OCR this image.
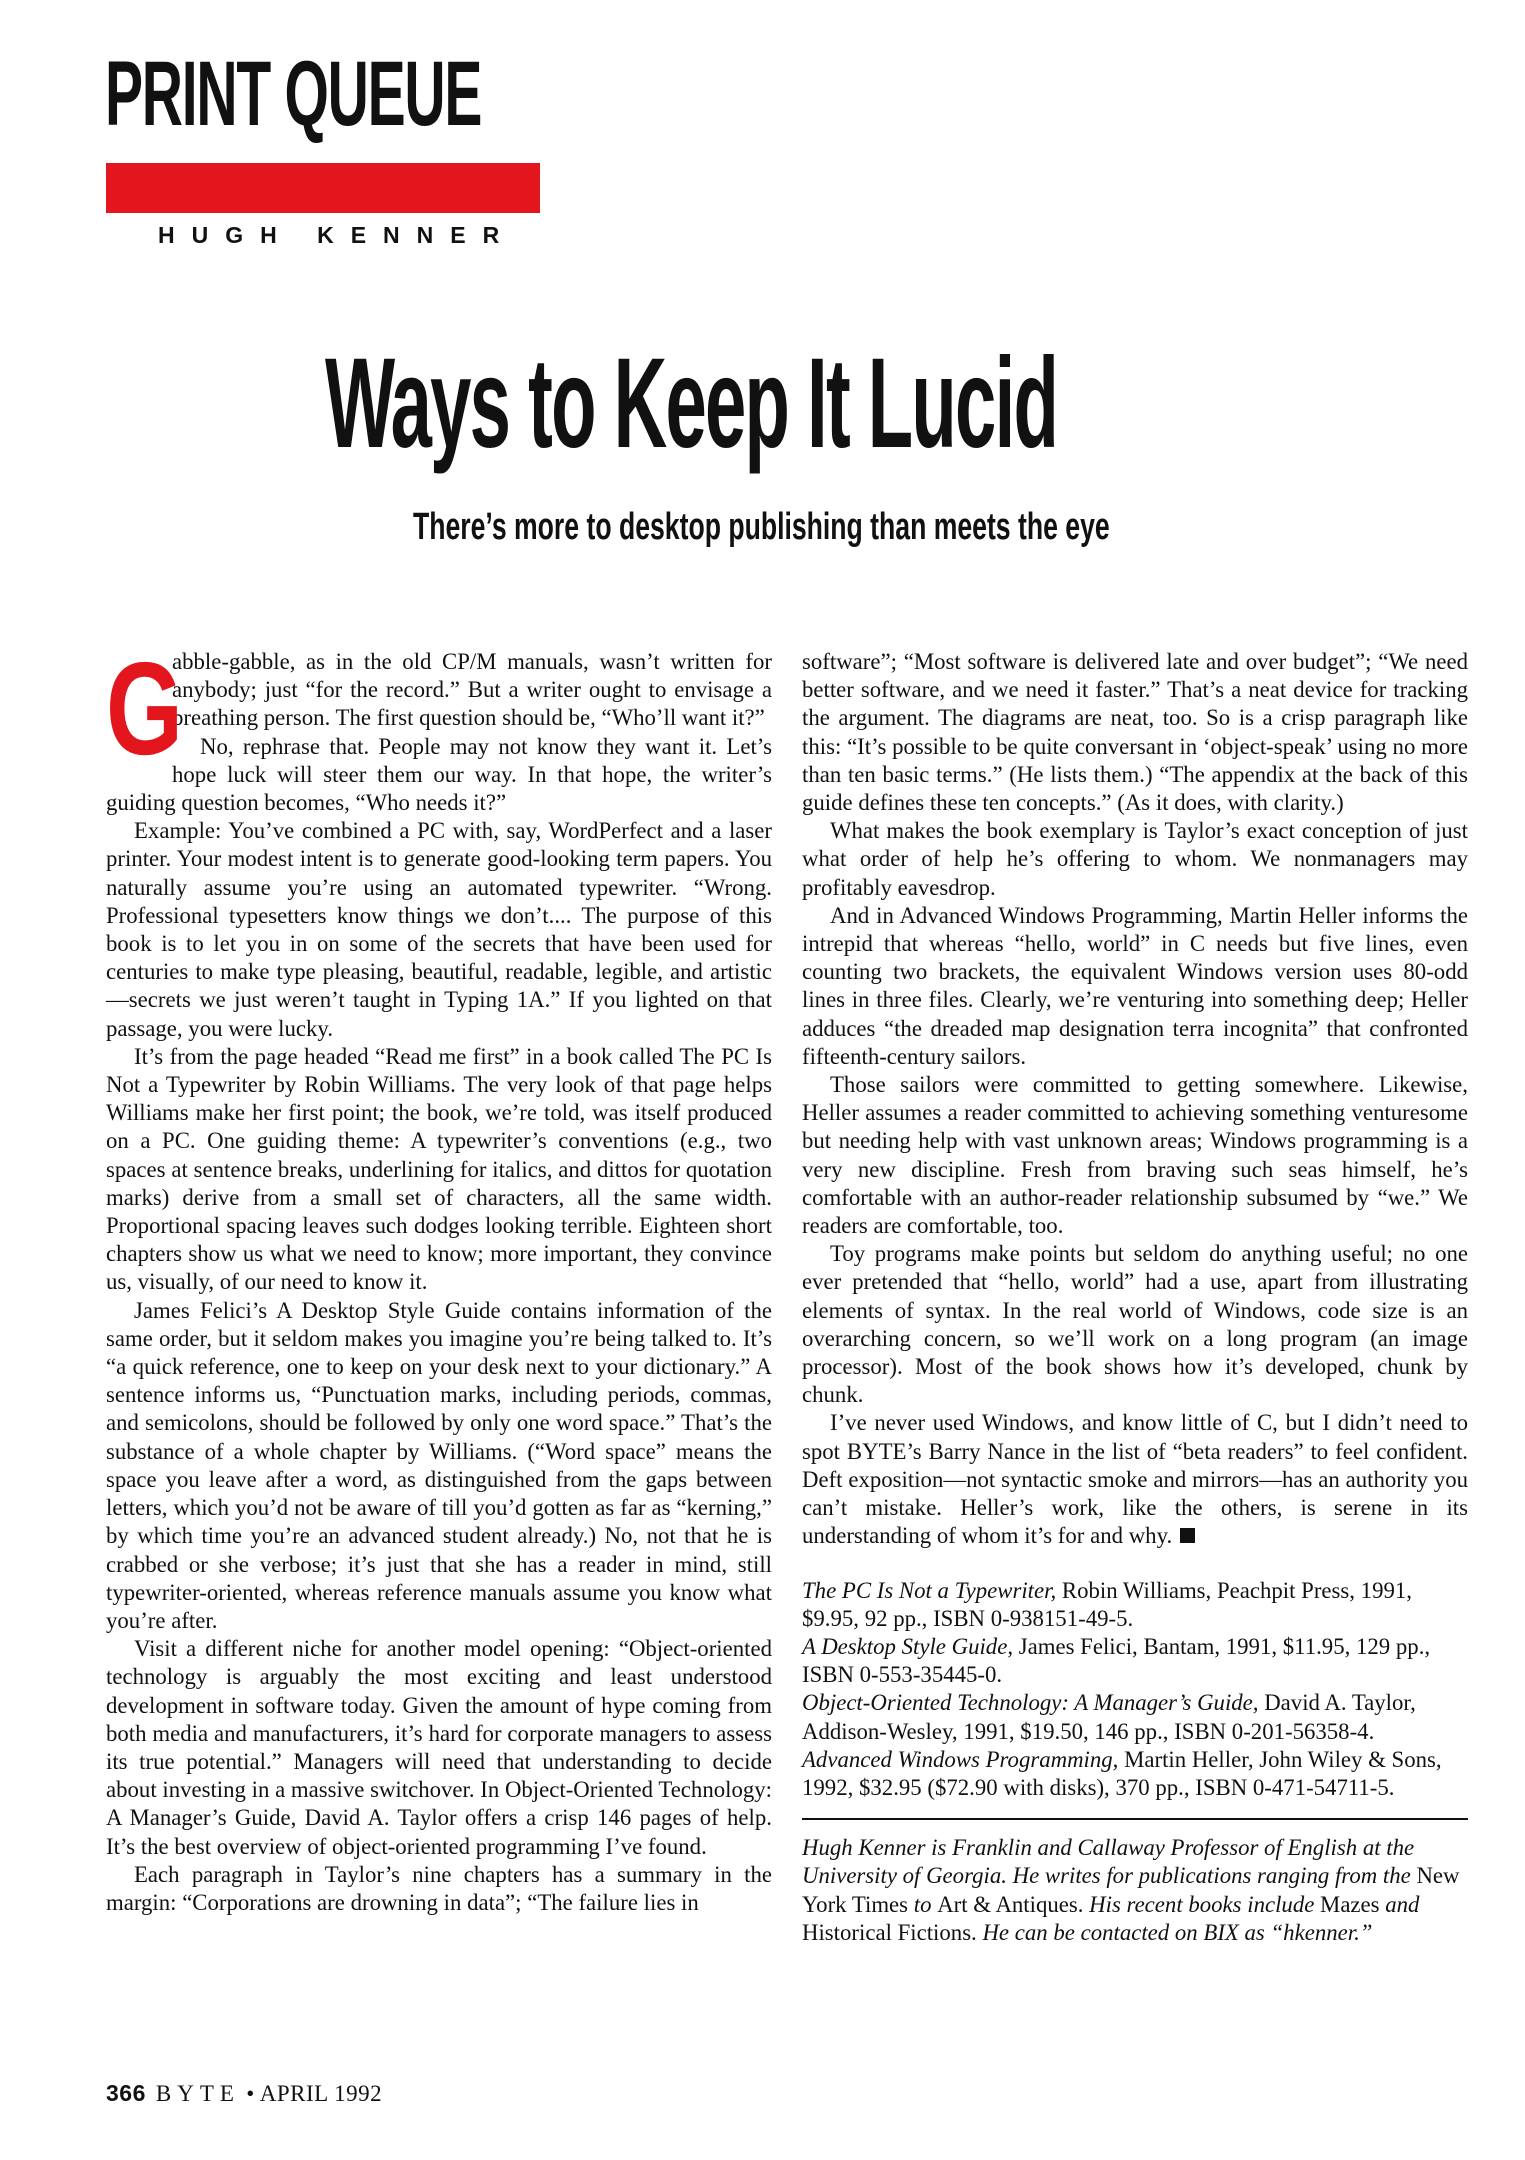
PRINT QUEUE
HUGH KENNER
Ways to Keep It Lucid
There’s more to desktop publishing than meets the eye
G

abble-gabble, as in the old CP/M manuals, wasn’t written for anybody; just “for the record.” But a writer ought to envisage a breathing person. The first question should be, “Who’ll want it?”

No, rephrase that. People may not know they want it. Let’s hope luck will steer them our way. In that hope, the writer’s guiding question becomes, “Who needs it?”

Example: You’ve combined a PC with, say, WordPerfect and a laser printer. Your modest intent is to generate good-looking term papers. You naturally assume you’re using an automated typewriter. “Wrong. Professional typesetters know things we don’t.... The purpose of this book is to let you in on some of the secrets that have been used for centuries to make type pleasing, beautiful, readable, legible, and artistic—secrets we just weren’t taught in Typing 1A.” If you lighted on that passage, you were lucky.

It’s from the page headed “Read me first” in a book called The PC Is Not a Typewriter by Robin Williams. The very look of that page helps Williams make her first point; the book, we’re told, was itself produced on a PC. One guiding theme: A typewriter’s conventions (e.g., two spaces at sentence breaks, underlining for italics, and dittos for quotation marks) derive from a small set of characters, all the same width. Proportional spacing leaves such dodges looking terrible. Eighteen short chapters show us what we need to know; more important, they convince us, visually, of our need to know it.

James Felici’s A Desktop Style Guide contains information of the same order, but it seldom makes you imagine you’re being talked to. It’s “a quick reference, one to keep on your desk next to your dictionary.” A sentence informs us, “Punctuation marks, including periods, commas, and semicolons, should be followed by only one word space.” That’s the substance of a whole chapter by Williams. (“Word space” means the space you leave after a word, as distinguished from the gaps between letters, which you’d not be aware of till you’d gotten as far as “kerning,” by which time you’re an advanced student already.) No, not that he is crabbed or she verbose; it’s just that she has a reader in mind, still typewriter-oriented, whereas reference manuals assume you know what you’re after.

Visit a different niche for another model opening: “Object-oriented technology is arguably the most exciting and least understood development in software today. Given the amount of hype coming from both media and manufacturers, it’s hard for corporate managers to assess its true potential.” Managers will need that understanding to decide about investing in a massive switchover. In Object-Oriented Technology: A Manager’s Guide, David A. Taylor offers a crisp 146 pages of help. It’s the best overview of object-oriented programming I’ve found.

Each paragraph in Taylor’s nine chapters has a summary in the margin: “Corporations are drowning in data”; “The failure lies in

software”; “Most software is delivered late and over budget”; “We need better software, and we need it faster.” That’s a neat device for tracking the argument. The diagrams are neat, too. So is a crisp paragraph like this: “It’s possible to be quite conversant in ‘object-speak’ using no more than ten basic terms.” (He lists them.) “The appendix at the back of this guide defines these ten concepts.” (As it does, with clarity.)

What makes the book exemplary is Taylor’s exact conception of just what order of help he’s offering to whom. We nonmanagers may profitably eavesdrop.

And in Advanced Windows Programming, Martin Heller informs the intrepid that whereas “hello, world” in C needs but five lines, even counting two brackets, the equivalent Windows version uses 80-odd lines in three files. Clearly, we’re venturing into something deep; Heller adduces “the dreaded map designation terra incognita” that confronted fifteenth-century sailors.

Those sailors were committed to getting somewhere. Likewise, Heller assumes a reader committed to achieving something venturesome but needing help with vast unknown areas; Windows programming is a very new discipline. Fresh from braving such seas himself, he’s comfortable with an author-reader relationship subsumed by “we.” We readers are comfortable, too.

Toy programs make points but seldom do anything useful; no one ever pretended that “hello, world” had a use, apart from illustrating elements of syntax. In the real world of Windows, code size is an overarching concern, so we’ll work on a long program (an image processor). Most of the book shows how it’s developed, chunk by chunk.

I’ve never used Windows, and know little of C, but I didn’t need to spot BYTE’s Barry Nance in the list of “beta readers” to feel confident. Deft exposition—not syntactic smoke and mirrors—has an authority you can’t mistake. Heller’s work, like the others, is serene in its understanding of whom it’s for and why.

The PC Is Not a Typewriter, Robin Williams, Peachpit Press, 1991, $9.95, 92 pp., ISBN 0-938151-49-5.

A Desktop Style Guide, James Felici, Bantam, 1991, $11.95, 129 pp., ISBN 0-553-35445-0.

Object-Oriented Technology: A Manager’s Guide, David A. Taylor, Addison-Wesley, 1991, $19.50, 146 pp., ISBN 0-201-56358-4.

Advanced Windows Programming, Martin Heller, John Wiley & Sons, 1992, $32.95 ($72.90 with disks), 370 pp., ISBN 0-471-54711-5.

Hugh Kenner is Franklin and Callaway Professor of English at the University of Georgia. He writes for publications ranging from the New York Times to Art & Antiques. His recent books include Mazes and Historical Fictions. He can be contacted on BIX as “hkenner.”

366 BYTE • APRIL 1992
